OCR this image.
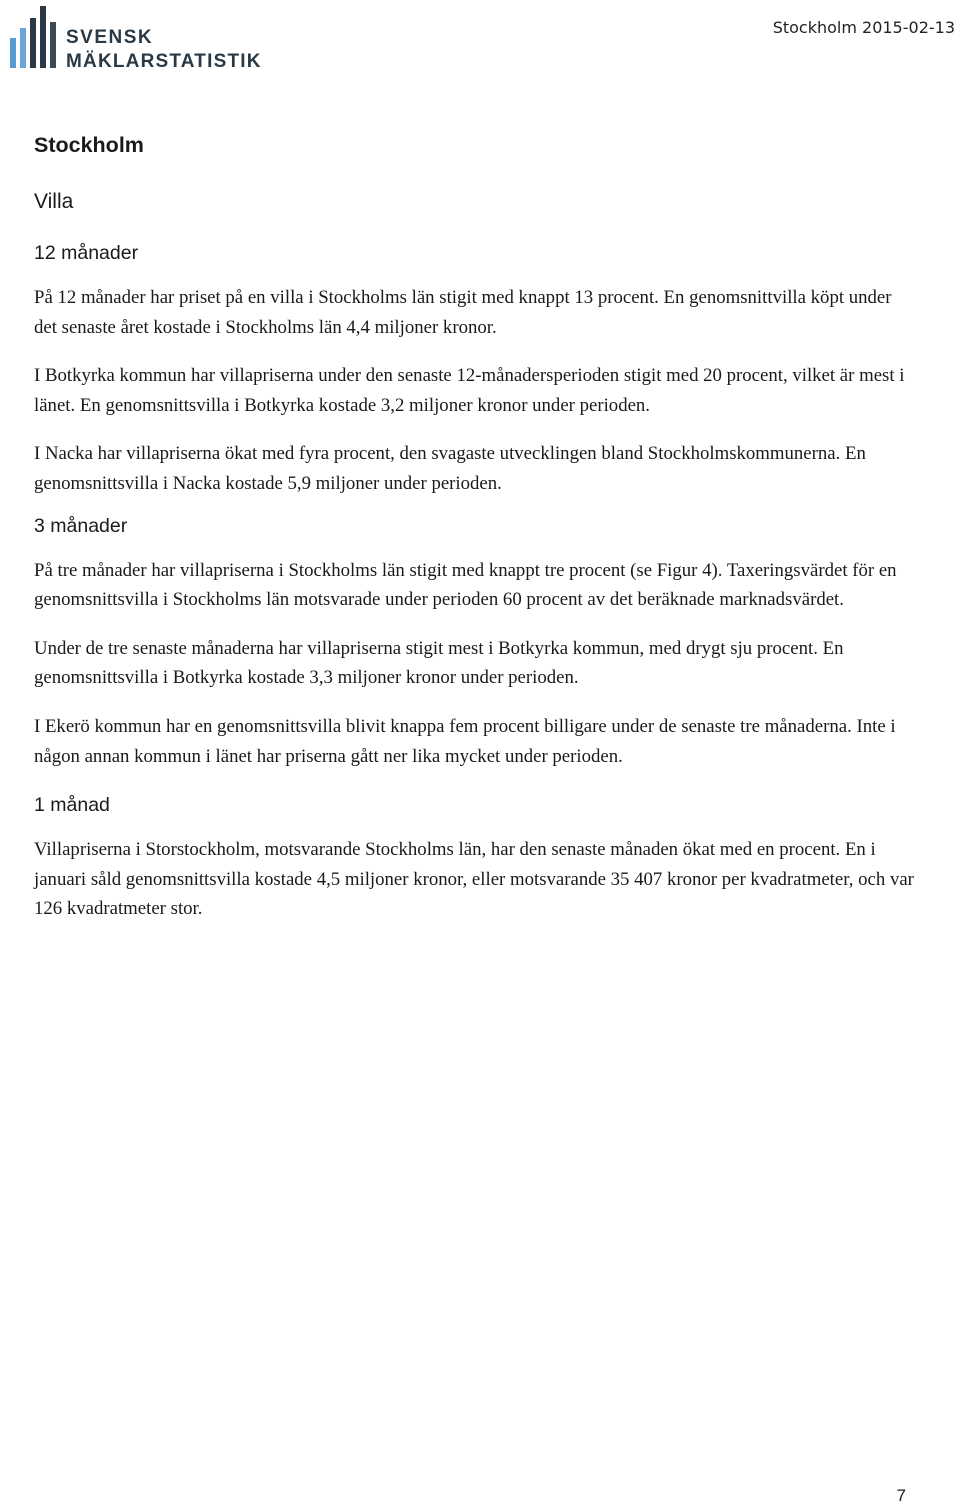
SVENSK
MÄKLARSTATISTIK
Stockholm 2015-02-13
Stockholm
Villa
12 månader

På 12 månader har priset på en villa i Stockholms län stigit med knappt 13 procent. En genomsnittvilla köpt under det senaste året kostade i Stockholms län 4,4 miljoner kronor.

I Botkyrka kommun har villapriserna under den senaste 12-månadersperioden stigit med 20 procent, vilket är mest i länet. En genomsnittsvilla i Botkyrka kostade 3,2 miljoner kronor under perioden.

I Nacka har villapriserna ökat med fyra procent, den svagaste utvecklingen bland Stockholmskommunerna. En genomsnittsvilla i Nacka kostade 5,9 miljoner under perioden.

3 månader

På tre månader har villapriserna i Stockholms län stigit med knappt tre procent (se Figur 4). Taxeringsvärdet för en genomsnittsvilla i Stockholms län motsvarade under perioden 60 procent av det beräknade marknadsvärdet.

Under de tre senaste månaderna har villapriserna stigit mest i Botkyrka kommun, med drygt sju procent. En genomsnittsvilla i Botkyrka kostade 3,3 miljoner kronor under perioden.

I Ekerö kommun har en genomsnittsvilla blivit knappa fem procent billigare under de senaste tre månaderna. Inte i någon annan kommun i länet har priserna gått ner lika mycket under perioden.

1 månad

Villapriserna i Storstockholm, motsvarande Stockholms län, har den senaste månaden ökat med en procent. En i januari såld genomsnittsvilla kostade 4,5 miljoner kronor, eller motsvarande 35 407 kronor per kvadratmeter, och var 126 kvadratmeter stor.

7
